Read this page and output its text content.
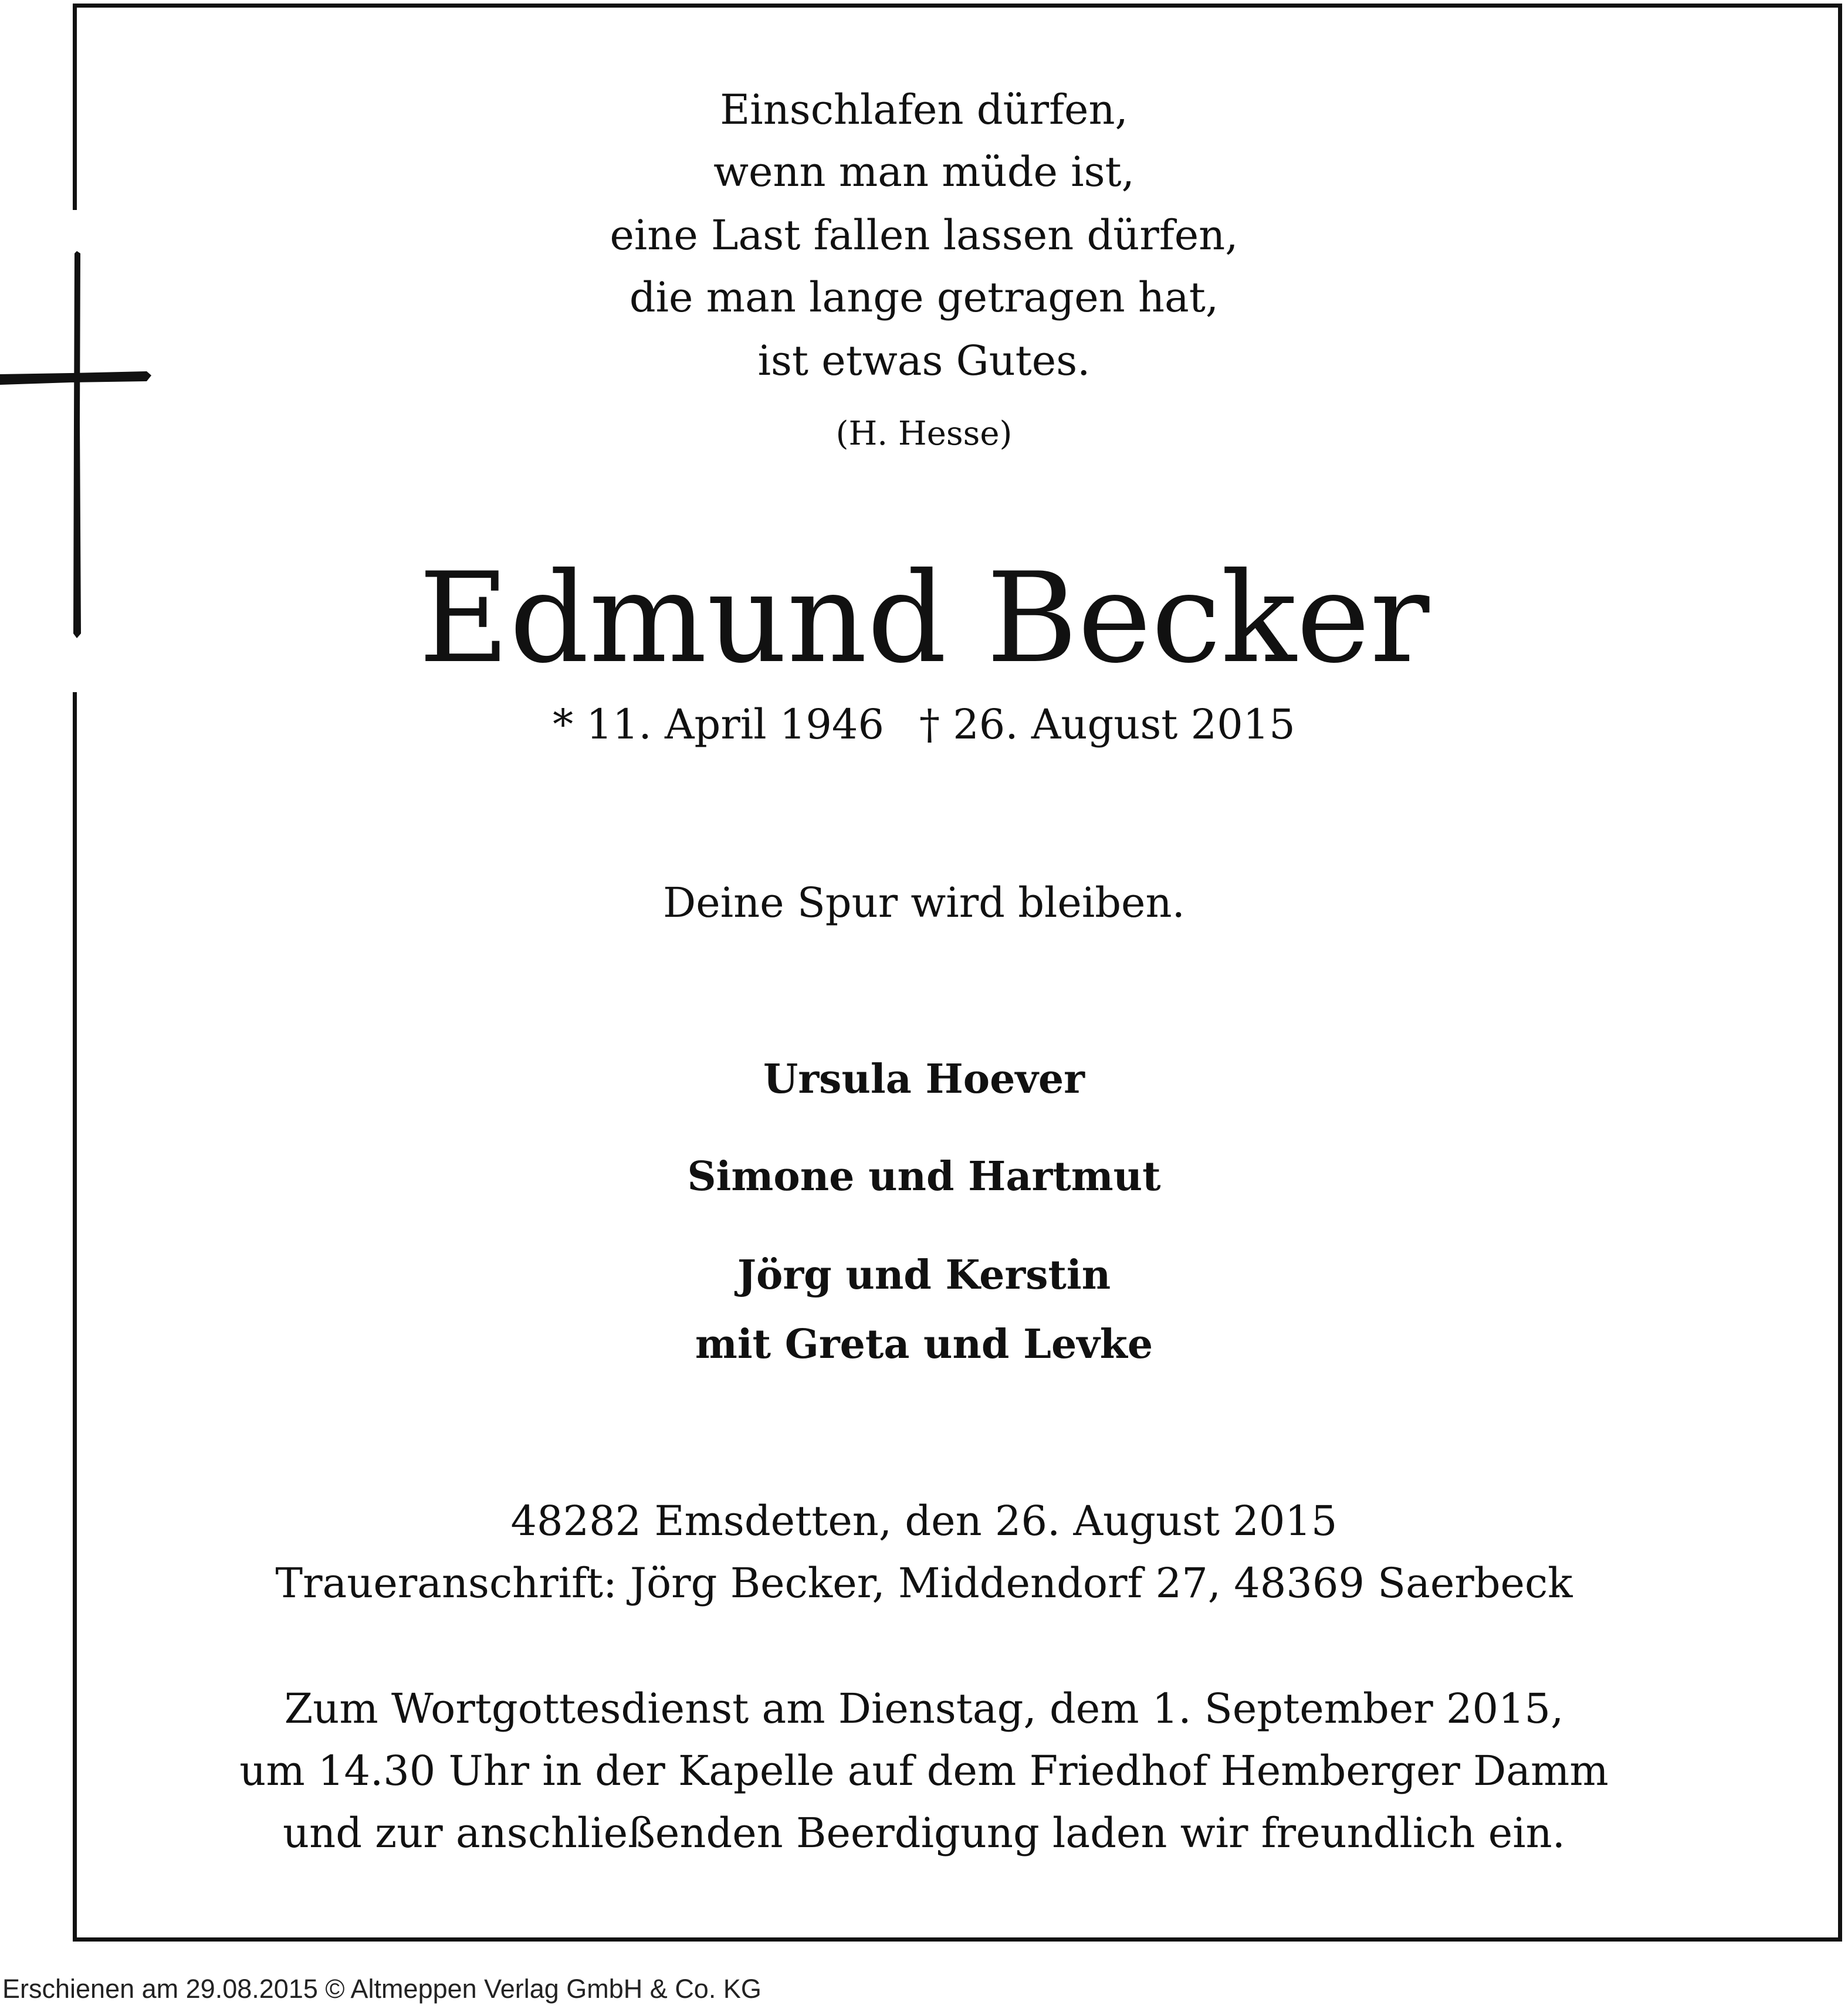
Einschlafen dürfen,
wenn man müde ist,
eine Last fallen lassen dürfen,
die man lange getragen hat,
ist etwas Gutes.
(H. Hesse)
Edmund Becker
* 11. April 1946 † 26. August 2015
Deine Spur wird bleiben.
Ursula Hoever
Simone und Hartmut
Jörg und Kerstin
mit Greta und Levke
48282 Emsdetten, den 26. August 2015
Traueranschrift: Jörg Becker, Middendorf 27, 48369 Saerbeck
Zum Wortgottesdienst am Dienstag, dem 1. September 2015,
um 14.30 Uhr in der Kapelle auf dem Friedhof Hemberger Damm
und zur anschließenden Beerdigung laden wir freundlich ein.
Erschienen am 29.08.2015 © Altmeppen Verlag GmbH & Co. KG
